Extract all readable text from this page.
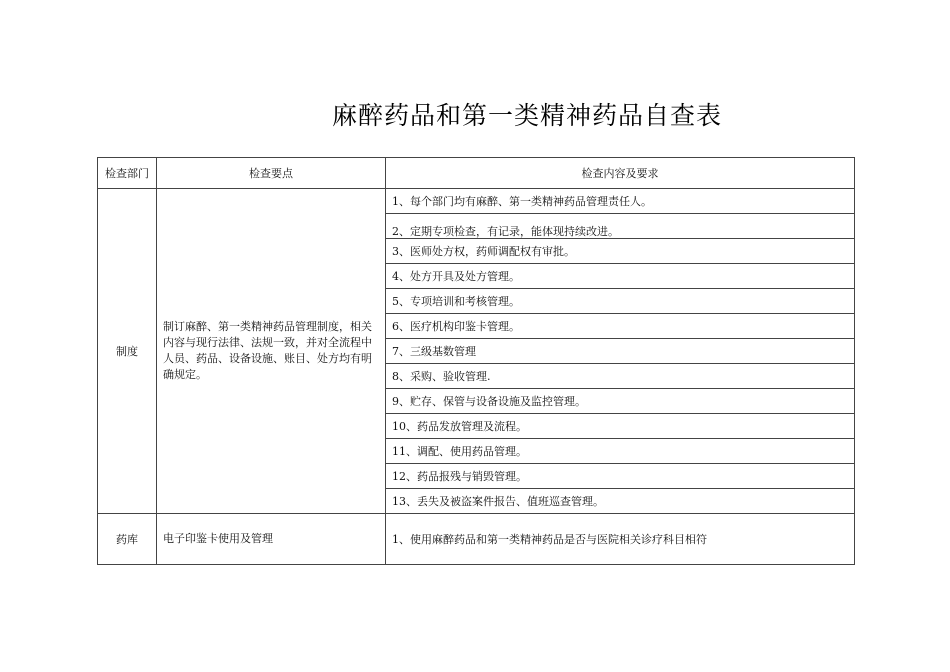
麻醉药品和第一类精神药品自查表
检查部门	检查要点	检查内容及要求
制度	制订麻醉、第一类精神药品管理制度，相关内容与现行法律、法规一致，并对全流程中人员、药品、设备设施、账目、处方均有明确规定。	1、每个部门均有麻醉、第一类精神药品管理责任人。
		2、定期专项检查，有记录，能体现持续改进。
		3、医师处方权，药师调配权有审批。
		4、处方开具及处方管理。
		5、专项培训和考核管理。
		6、医疗机构印鉴卡管理。
		7、三级基数管理
		8、采购、验收管理.
		9、贮存、保管与设备设施及监控管理。
		10、药品发放管理及流程。
		11、调配、使用药品管理。
		12、药品报残与销毁管理。
		13、丢失及被盗案件报告、值班巡查管理。
药库	电子印鉴卡使用及管理	1、使用麻醉药品和第一类精神药品是否与医院相关诊疗科目相符
